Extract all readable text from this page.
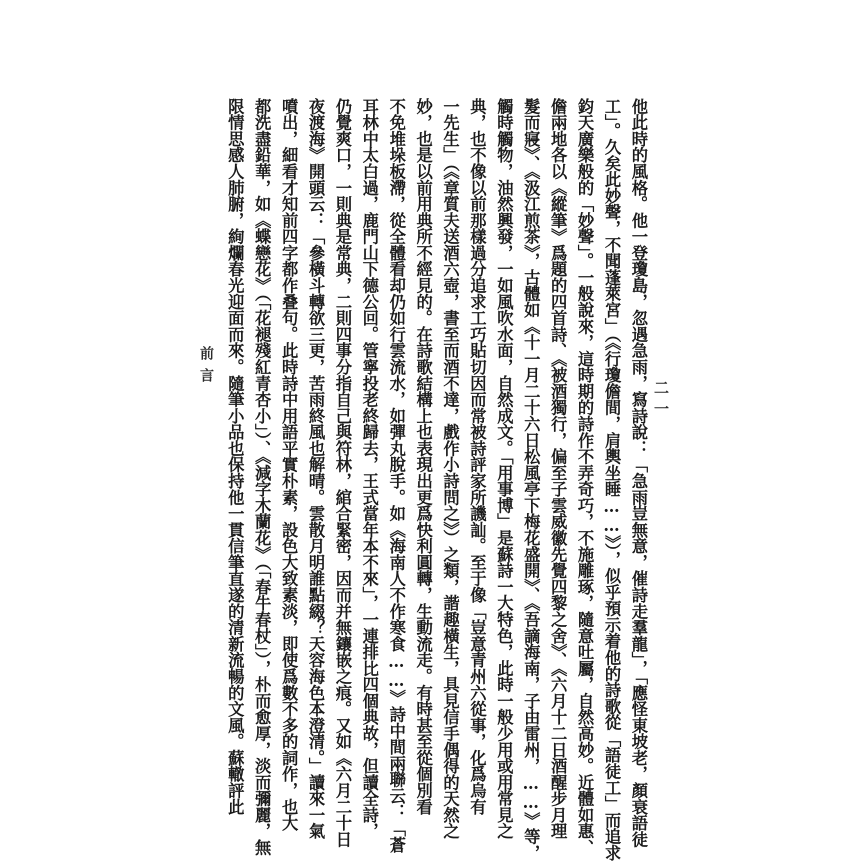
他此時的風格。他一登瓊島，忽遇急雨，寫詩說：「急雨豈無意，催詩走羣龍」，「應怪東坡老，顏衰語徒
工」。久矣此妙聲，不聞蓬萊宮」（《行瓊儋間，肩輿坐睡……》），似乎預示着他的詩歌從「語徒工」而追求
鈞天廣樂般的「妙聲」。一般說來，這時期的詩作不弄奇巧，不施雕琢，隨意吐屬，自然高妙。近體如惠、
儋兩地各以《縱筆》爲題的四首詩、《被酒獨行，偏至子雲威徽先覺四黎之舍》、《六月十二日酒醒步月理
髮而寢》、《汲江煎茶》，古體如《十一月二十六日松風亭下梅花盛開》、《吾謫海南，子由雷州，……》等，
觸時觸物，油然興發，一如風吹水面，自然成文。「用事博」是蘇詩一大特色，此時一般少用或用常見之
典，也不像以前那樣過分追求工巧貼切因而常被詩評家所譏訕。至于像「豈意青州六從事，化爲烏有
一先生」（《章質夫送酒六壺，書至而酒不達，戲作小詩問之》）之類，諧趣橫生，具見信手偶得的天然之
妙，也是以前用典所不經見的。在詩歌結構上也表現出更爲快利圓轉，生動流走。有時甚至從個別看
不免堆垛板滯，從全體看却仍如行雲流水，如彈丸脫手。如《海南人不作寒食……》詩中間兩聯云：「蒼
耳林中太白過，鹿門山下德公回。管寧投老終歸去，王式當年本不來」，一連排比四個典故，但讀全詩，
仍覺爽口，一則典是常典，二則四事分指自己與符林，綰合緊密，因而并無鑲嵌之痕。又如《六月二十日
夜渡海》開頭云：「參橫斗轉欲三更，苦雨終風也解晴。雲散月明誰點綴？天容海色本澄清。」讀來一氣
噴出，細看才知前四字都作叠句。此時詩中用語平實朴素，設色大致素淡，即使爲數不多的詞作，也大
都洗盡鉛華，如《蝶戀花》（「花褪殘紅青杏小」）、《減字木蘭花》（「春牛春杖」），朴而愈厚，淡而彌麗，無
限情思感人肺腑，絢爛春光迎面而來。隨筆小品也保持他一貫信筆直遂的清新流暢的文風。蘇轍評此	二一
前言
